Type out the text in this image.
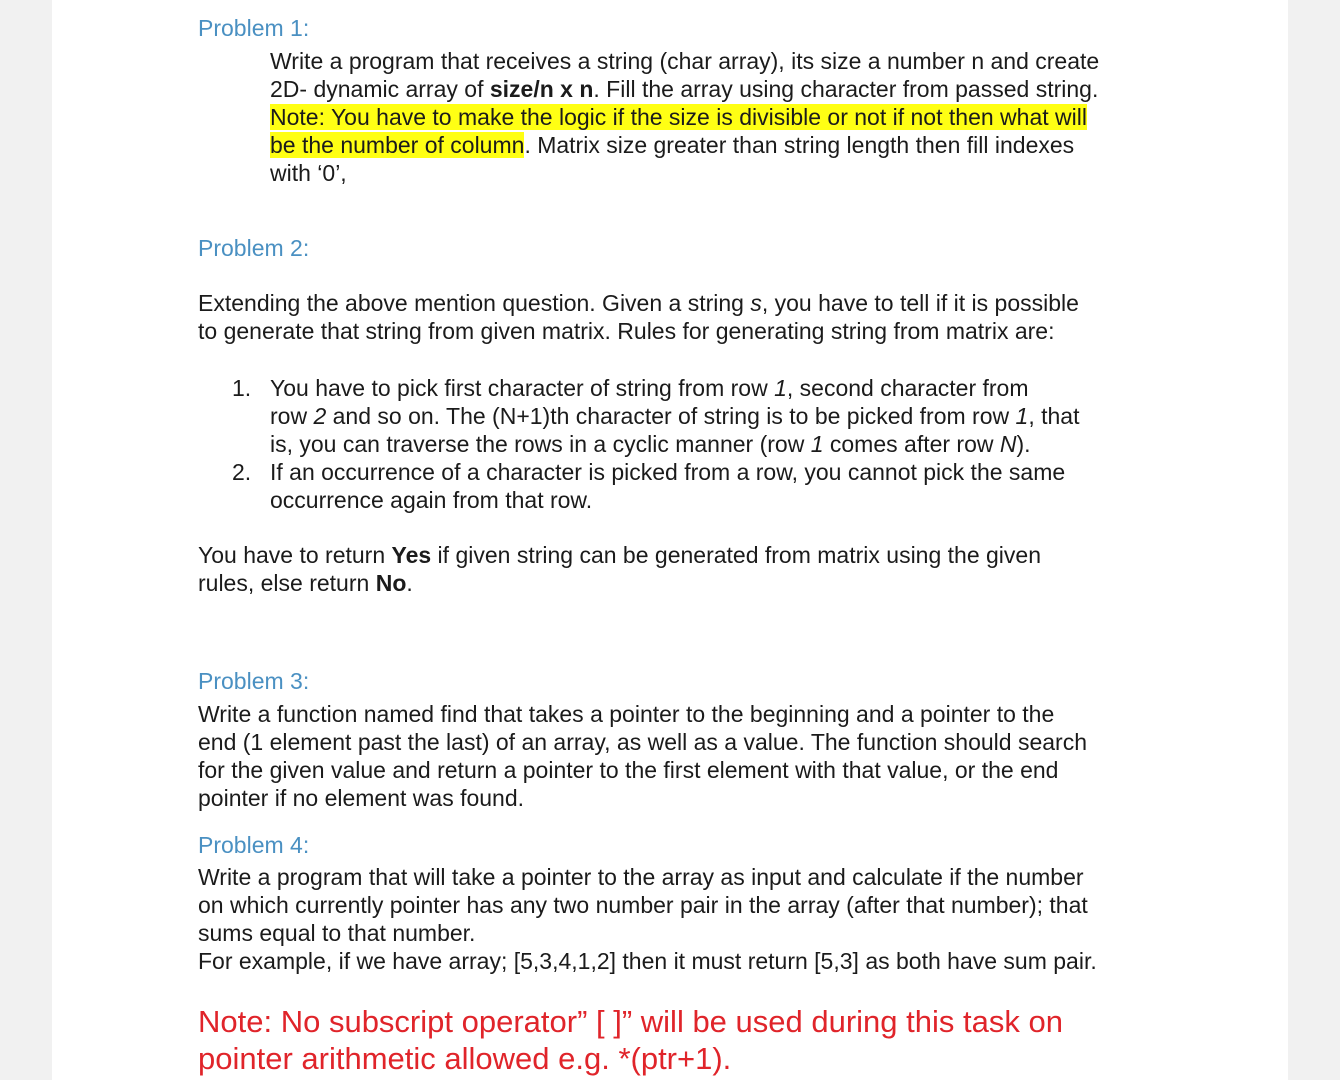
Problem 1:
Write a program that receives a string (char array), its size a number n and create
2D- dynamic array of size/n x n. Fill the array using character from passed string.
Note: You have to make the logic if the size is divisible or not if not then what will
be the number of column. Matrix size greater than string length then fill indexes
with ‘0’,
Problem 2:
Extending the above mention question. Given a string s, you have to tell if it is possible
to generate that string from given matrix. Rules for generating string from matrix are:
1. You have to pick first character of string from row 1, second character from
row 2 and so on. The (N+1)th character of string is to be picked from row 1, that
is, you can traverse the rows in a cyclic manner (row 1 comes after row N).
2. If an occurrence of a character is picked from a row, you cannot pick the same
occurrence again from that row.
You have to return Yes if given string can be generated from matrix using the given
rules, else return No.
Problem 3:
Write a function named find that takes a pointer to the beginning and a pointer to the
end (1 element past the last) of an array, as well as a value. The function should search
for the given value and return a pointer to the first element with that value, or the end
pointer if no element was found.
Problem 4:
Write a program that will take a pointer to the array as input and calculate if the number
on which currently pointer has any two number pair in the array (after that number); that
sums equal to that number.
For example, if we have array; [5,3,4,1,2] then it must return [5,3] as both have sum pair.
Note: No subscript operator” [ ]” will be used during this task on
pointer arithmetic allowed e.g. *(ptr+1).
